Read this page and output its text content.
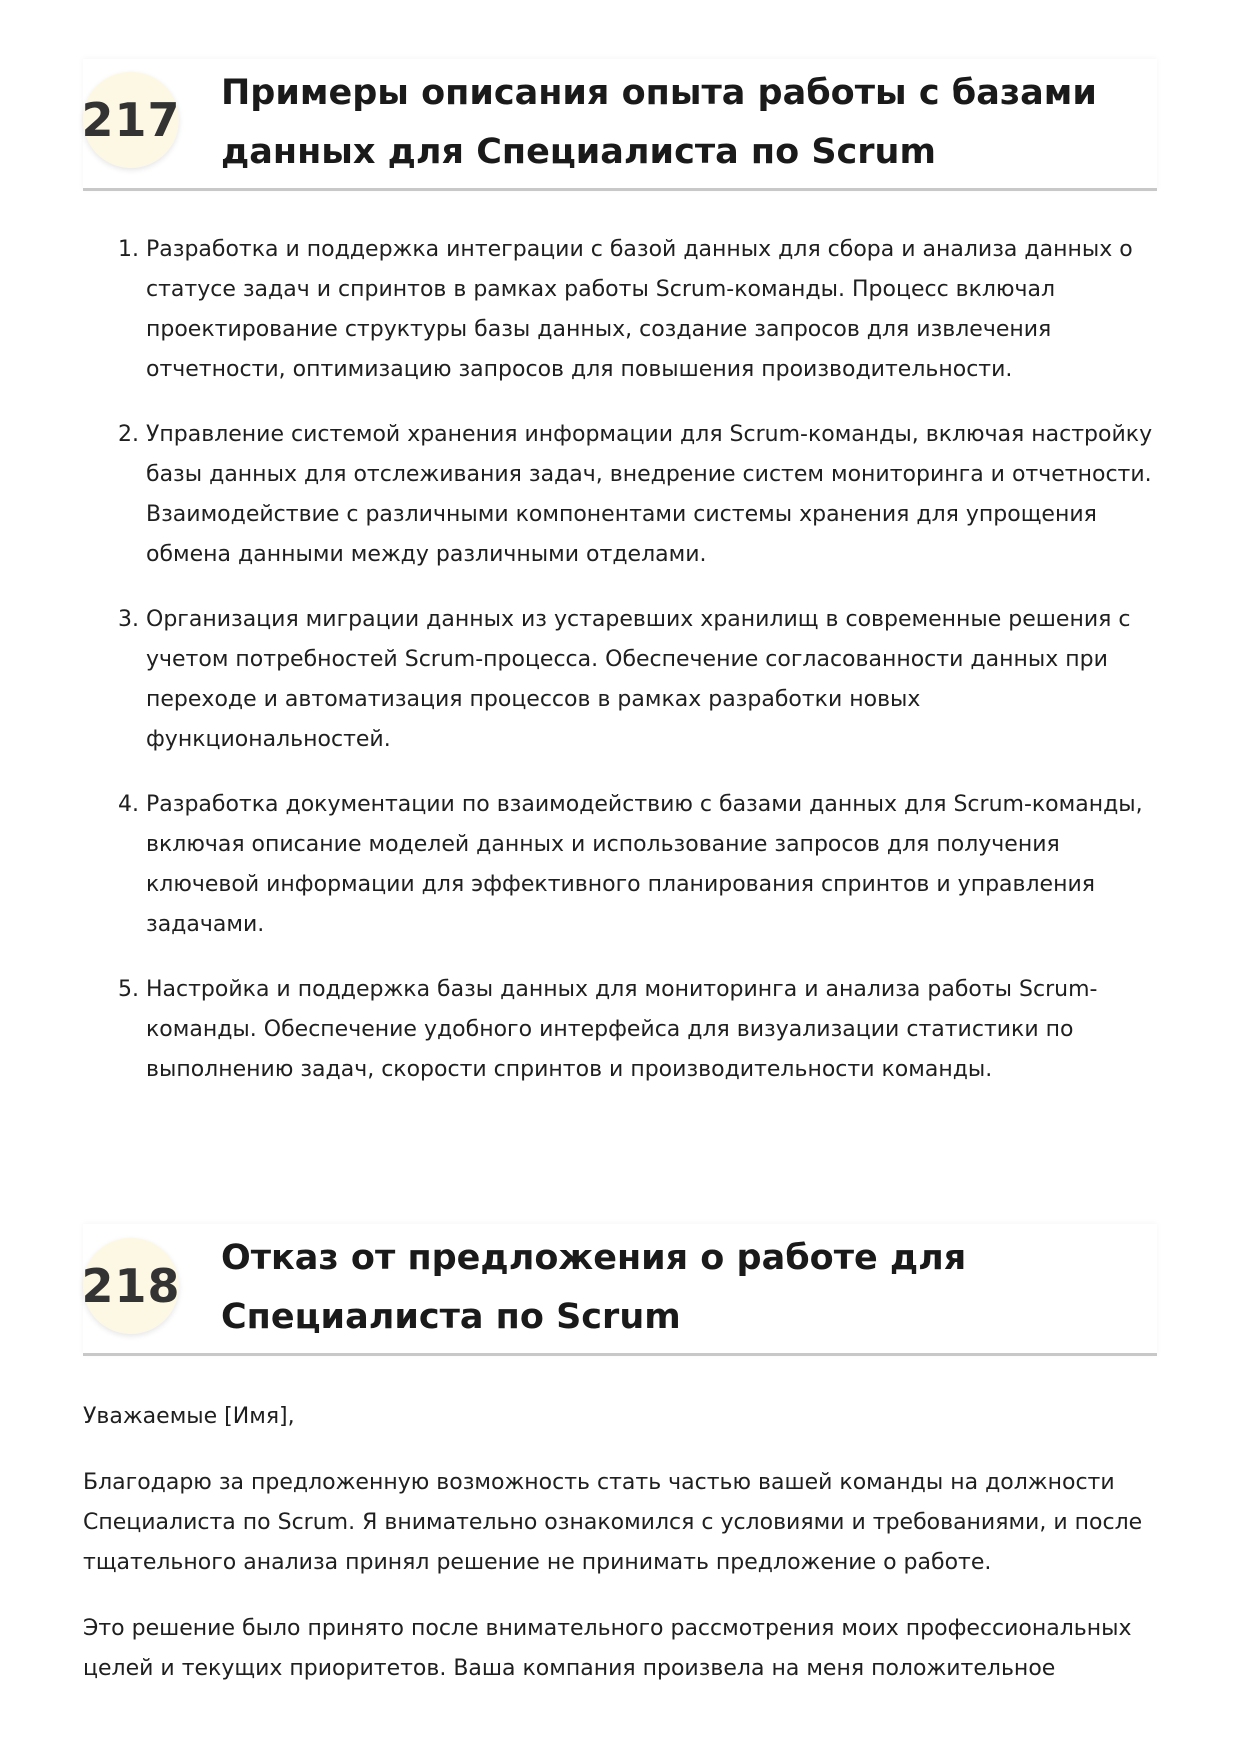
217 Примеры описания опыта работы с базами данных для Специалиста по Scrum
1. Разработка и поддержка интеграции с базой данных для сбора и анализа данных о статусе задач и спринтов в рамках работы Scrum-команды. Процесс включал проектирование структуры базы данных, создание запросов для извлечения отчетности, оптимизацию запросов для повышения производительности.
2. Управление системой хранения информации для Scrum-команды, включая настройку базы данных для отслеживания задач, внедрение систем мониторинга и отчетности. Взаимодействие с различными компонентами системы хранения для упрощения обмена данными между различными отделами.
3. Организация миграции данных из устаревших хранилищ в современные решения с учетом потребностей Scrum-процесса. Обеспечение согласованности данных при переходе и автоматизация процессов в рамках разработки новых функциональностей.
4. Разработка документации по взаимодействию с базами данных для Scrum-команды, включая описание моделей данных и использование запросов для получения ключевой информации для эффективного планирования спринтов и управления задачами.
5. Настройка и поддержка базы данных для мониторинга и анализа работы Scrum-команды. Обеспечение удобного интерфейса для визуализации статистики по выполнению задач, скорости спринтов и производительности команды.
218
Отказ от предложения о работе для Специалиста по Scrum

Уважаемые [Имя],

Благодарю за предложенную возможность стать частью вашей команды на должности Специалиста по Scrum. Я внимательно ознакомился с условиями и требованиями, и после тщательного анализа принял решение не принимать предложение о работе.

Это решение было принято после внимательного рассмотрения моих профессиональных целей и текущих приоритетов. Ваша компания произвела на меня положительное
